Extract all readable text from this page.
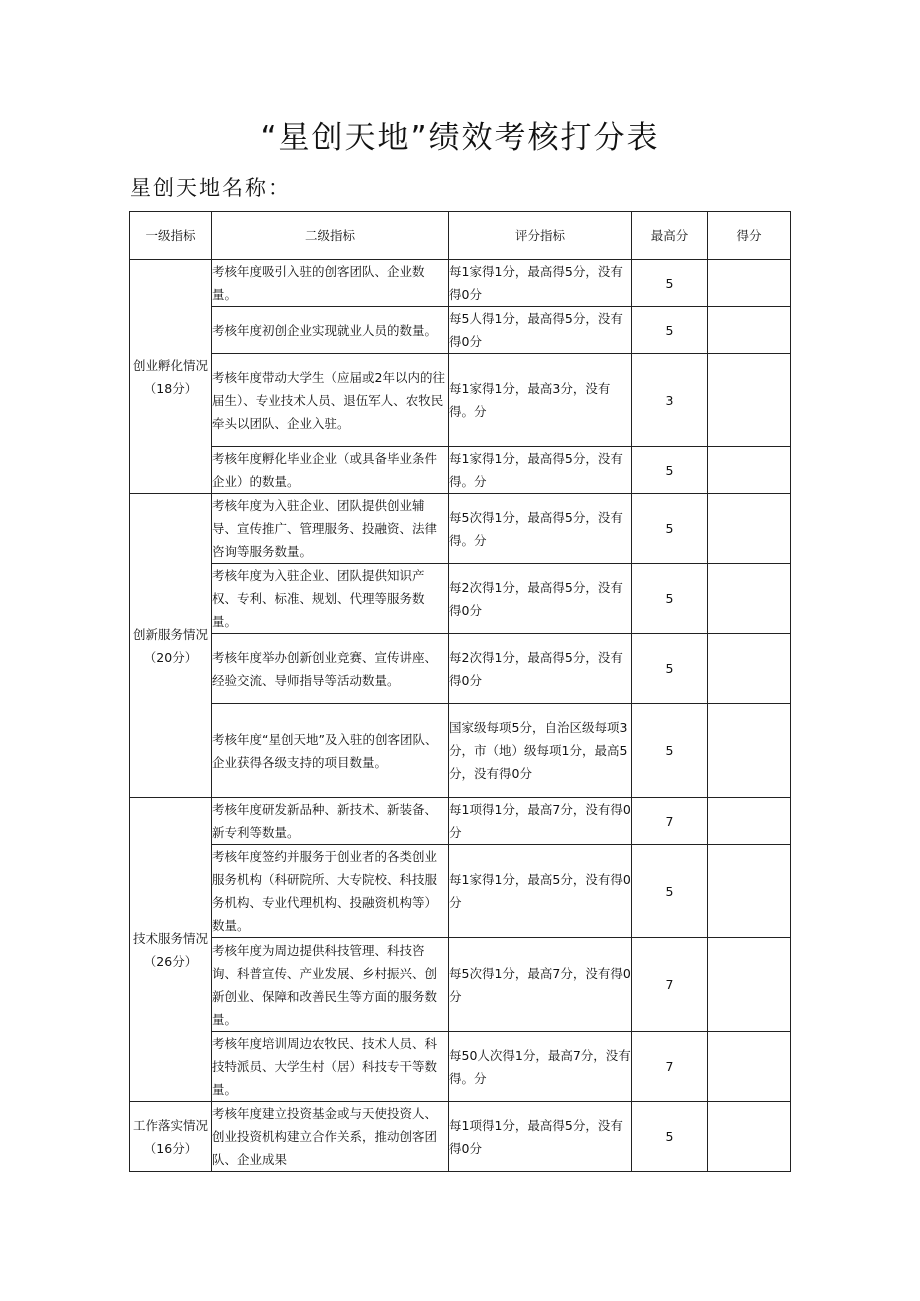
“星创天地”绩效考核打分表
星创天地名称：
一级指标	二级指标	评分指标	最高分	得分
创业孵化情况（18分）	考核年度吸引入驻的创客团队、企业数量。	每1家得1分，最高得5分，没有得0分	5	
	考核年度初创企业实现就业人员的数量。	每5人得1分，最高得5分，没有得0分	5	
	考核年度带动大学生（应届或2年以内的往届生）、专业技术人员、退伍军人、农牧民牵头以团队、企业入驻。	每1家得1分，最高3分，没有得。分	3	
	考核年度孵化毕业企业（或具备毕业条件企业）的数量。	每1家得1分，最高得5分，没有得。分	5	
创新服务情况（20分）	考核年度为入驻企业、团队提供创业辅导、宣传推广、管理服务、投融资、法律咨询等服务数量。	每5次得1分，最高得5分，没有得。分	5	
	考核年度为入驻企业、团队提供知识产权、专利、标准、规划、代理等服务数量。	每2次得1分，最高得5分，没有得0分	5	
	考核年度举办创新创业竞赛、宣传讲座、经验交流、导师指导等活动数量。	每2次得1分，最高得5分，没有得0分	5	
	考核年度“星创天地”及入驻的创客团队、企业获得各级支持的项目数量。	国家级每项5分，自治区级每项3分，市（地）级每项1分，最高5分，没有得0分	5	
技术服务情况（26分）	考核年度研发新品种、新技术、新装备、新专利等数量。	每1项得1分，最高7分，没有得0分	7	
	考核年度签约并服务于创业者的各类创业服务机构（科研院所、大专院校、科技服务机构、专业代理机构、投融资机构等）数量。	每1家得1分，最高5分，没有得0分	5	
	考核年度为周边提供科技管理、科技咨询、科普宣传、产业发展、乡村振兴、创新创业、保障和改善民生等方面的服务数量。	每5次得1分，最高7分，没有得0分	7	
	考核年度培训周边农牧民、技术人员、科技特派员、大学生村（居）科技专干等数量。	每50人次得1分，最高7分，没有得。分	7	
工作落实情况（16分）	考核年度建立投资基金或与天使投资人、创业投资机构建立合作关系，推动创客团队、企业成果	每1项得1分，最高得5分，没有得0分	5	
